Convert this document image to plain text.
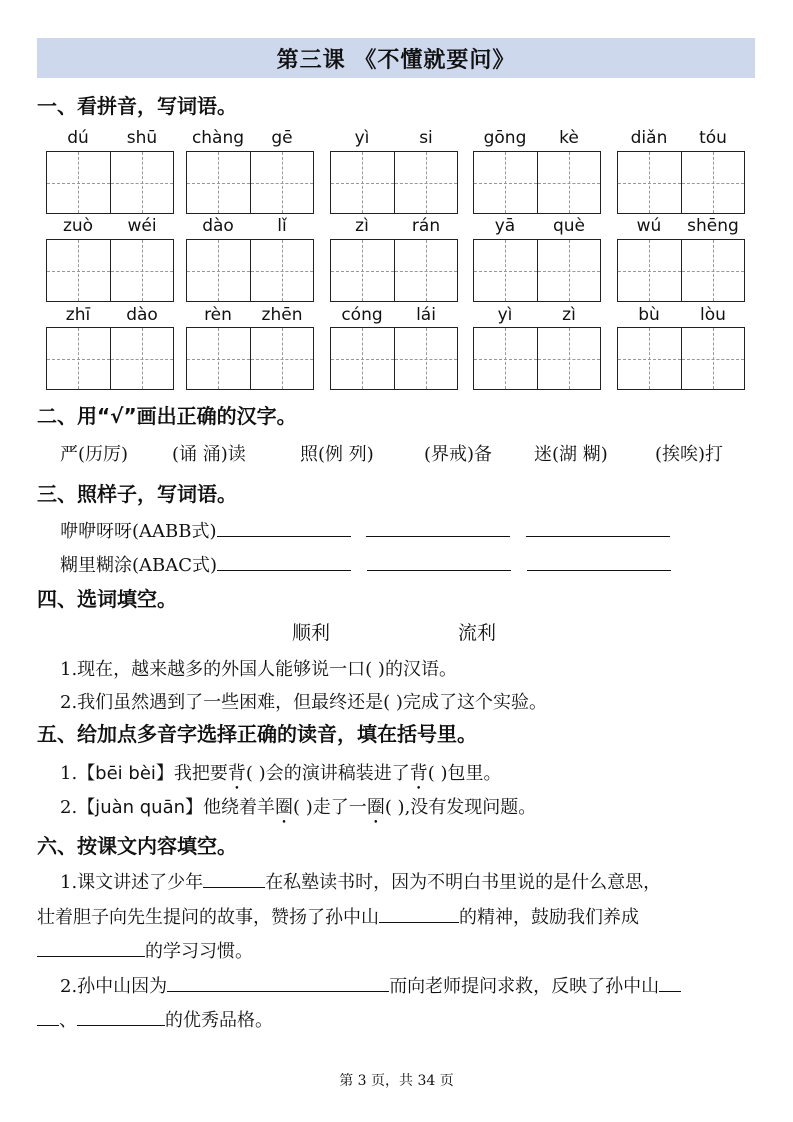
第三课 《不懂就要问》
一、看拼音，写词语。
dú	shū	chàng	gē	yì	si	gōng	kè	diǎn	tóu
zuò	wéi	dào	lǐ	zì	rán	yā	què	wú	shēng
zhī	dào	rèn	zhēn	cóng	lái	yì	zì	bù	lòu
二、用“√”画出正确的汉字。
严(历厉) (诵 涌)读	照(例 列)	(界戒)备 迷(湖 糊)	(挨唉)打
三、照样子，写词语。
咿咿呀呀(AABB式)
糊里糊涂(ABAC式)
四、选词填空。
顺利	流利
1.现在，越来越多的外国人能够说一口( )的汉语。
2.我们虽然遇到了一些困难，但最终还是( )完成了这个实验。
五、给加点多音字选择正确的读音，填在括号里。
1.【bēi bèi】我把要背( )会的演讲稿装进了背( )包里。
2.【juàn quān】他绕着羊圈( )走了一圈( ),没有发现问题。
六、按课文内容填空。
1.课文讲述了少年	在私塾读书时，因为不明白书里说的是什么意思，
壮着胆子向先生提问的故事，赞扬了孙中山	的精神，鼓励我们养成
的学习习惯。
2.孙中山因为	而向老师提问求救，反映了孙中山
、	的优秀品格。
第 3 页，共 34 页
